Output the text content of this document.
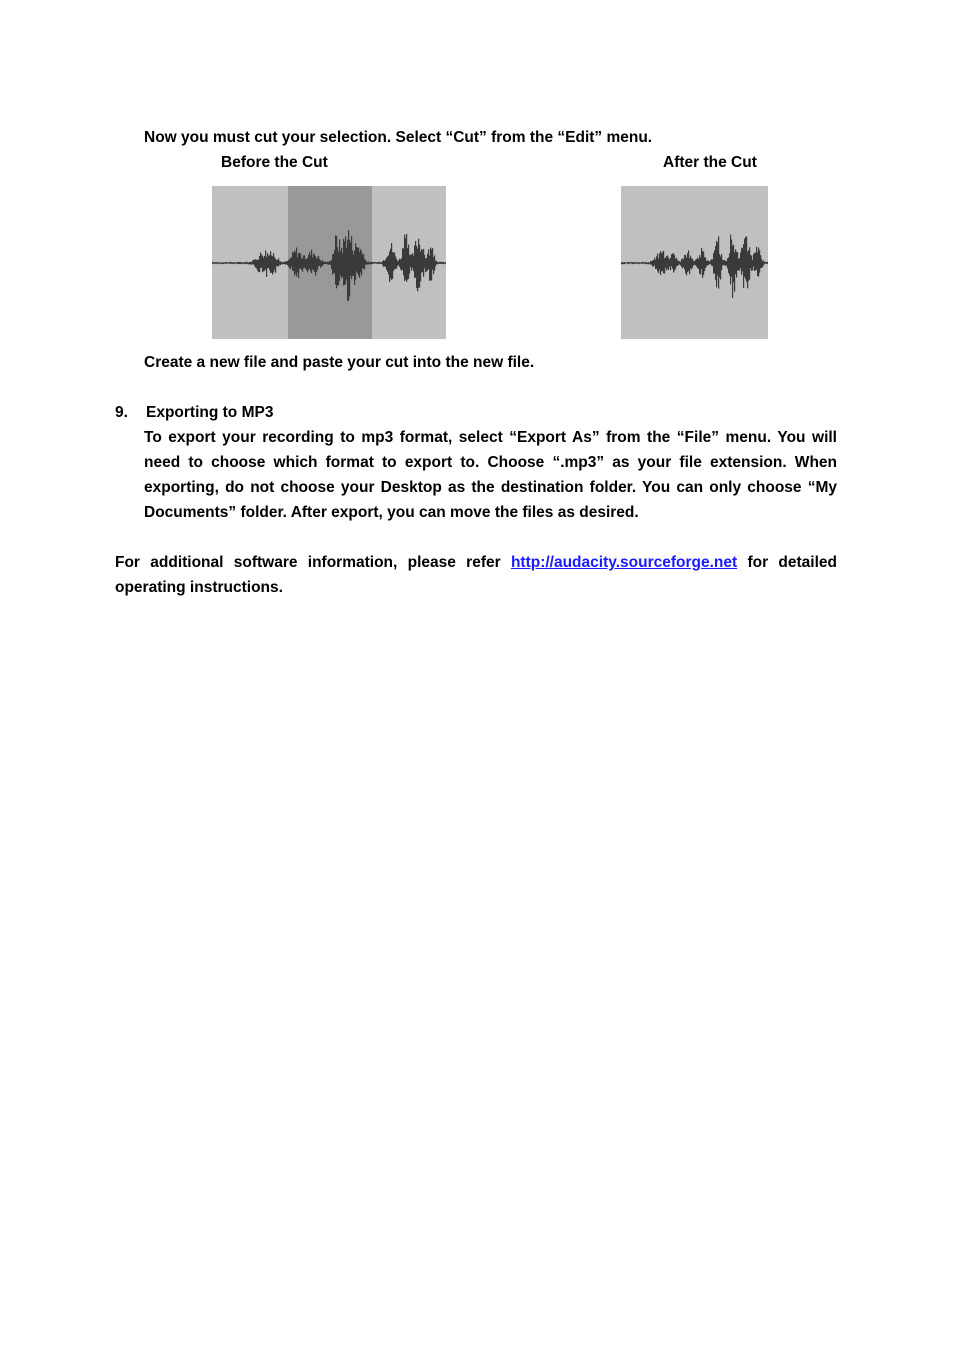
Now you must cut your selection. Select “Cut” from the “Edit” menu.
Before the Cut	After the Cut
Create a new file and paste your cut into the new file.
9. Exporting to MP3
To export your recording to mp3 format, select “Export As” from the “File” menu. You will
need to choose which format to export to. Choose “.mp3” as your file extension. When
exporting, do not choose your Desktop as the destination folder. You can only choose “My
Documents” folder. After export, you can move the files as desired.
For additional software information, please refer http://audacity.sourceforge.net for detailed
operating instructions.
